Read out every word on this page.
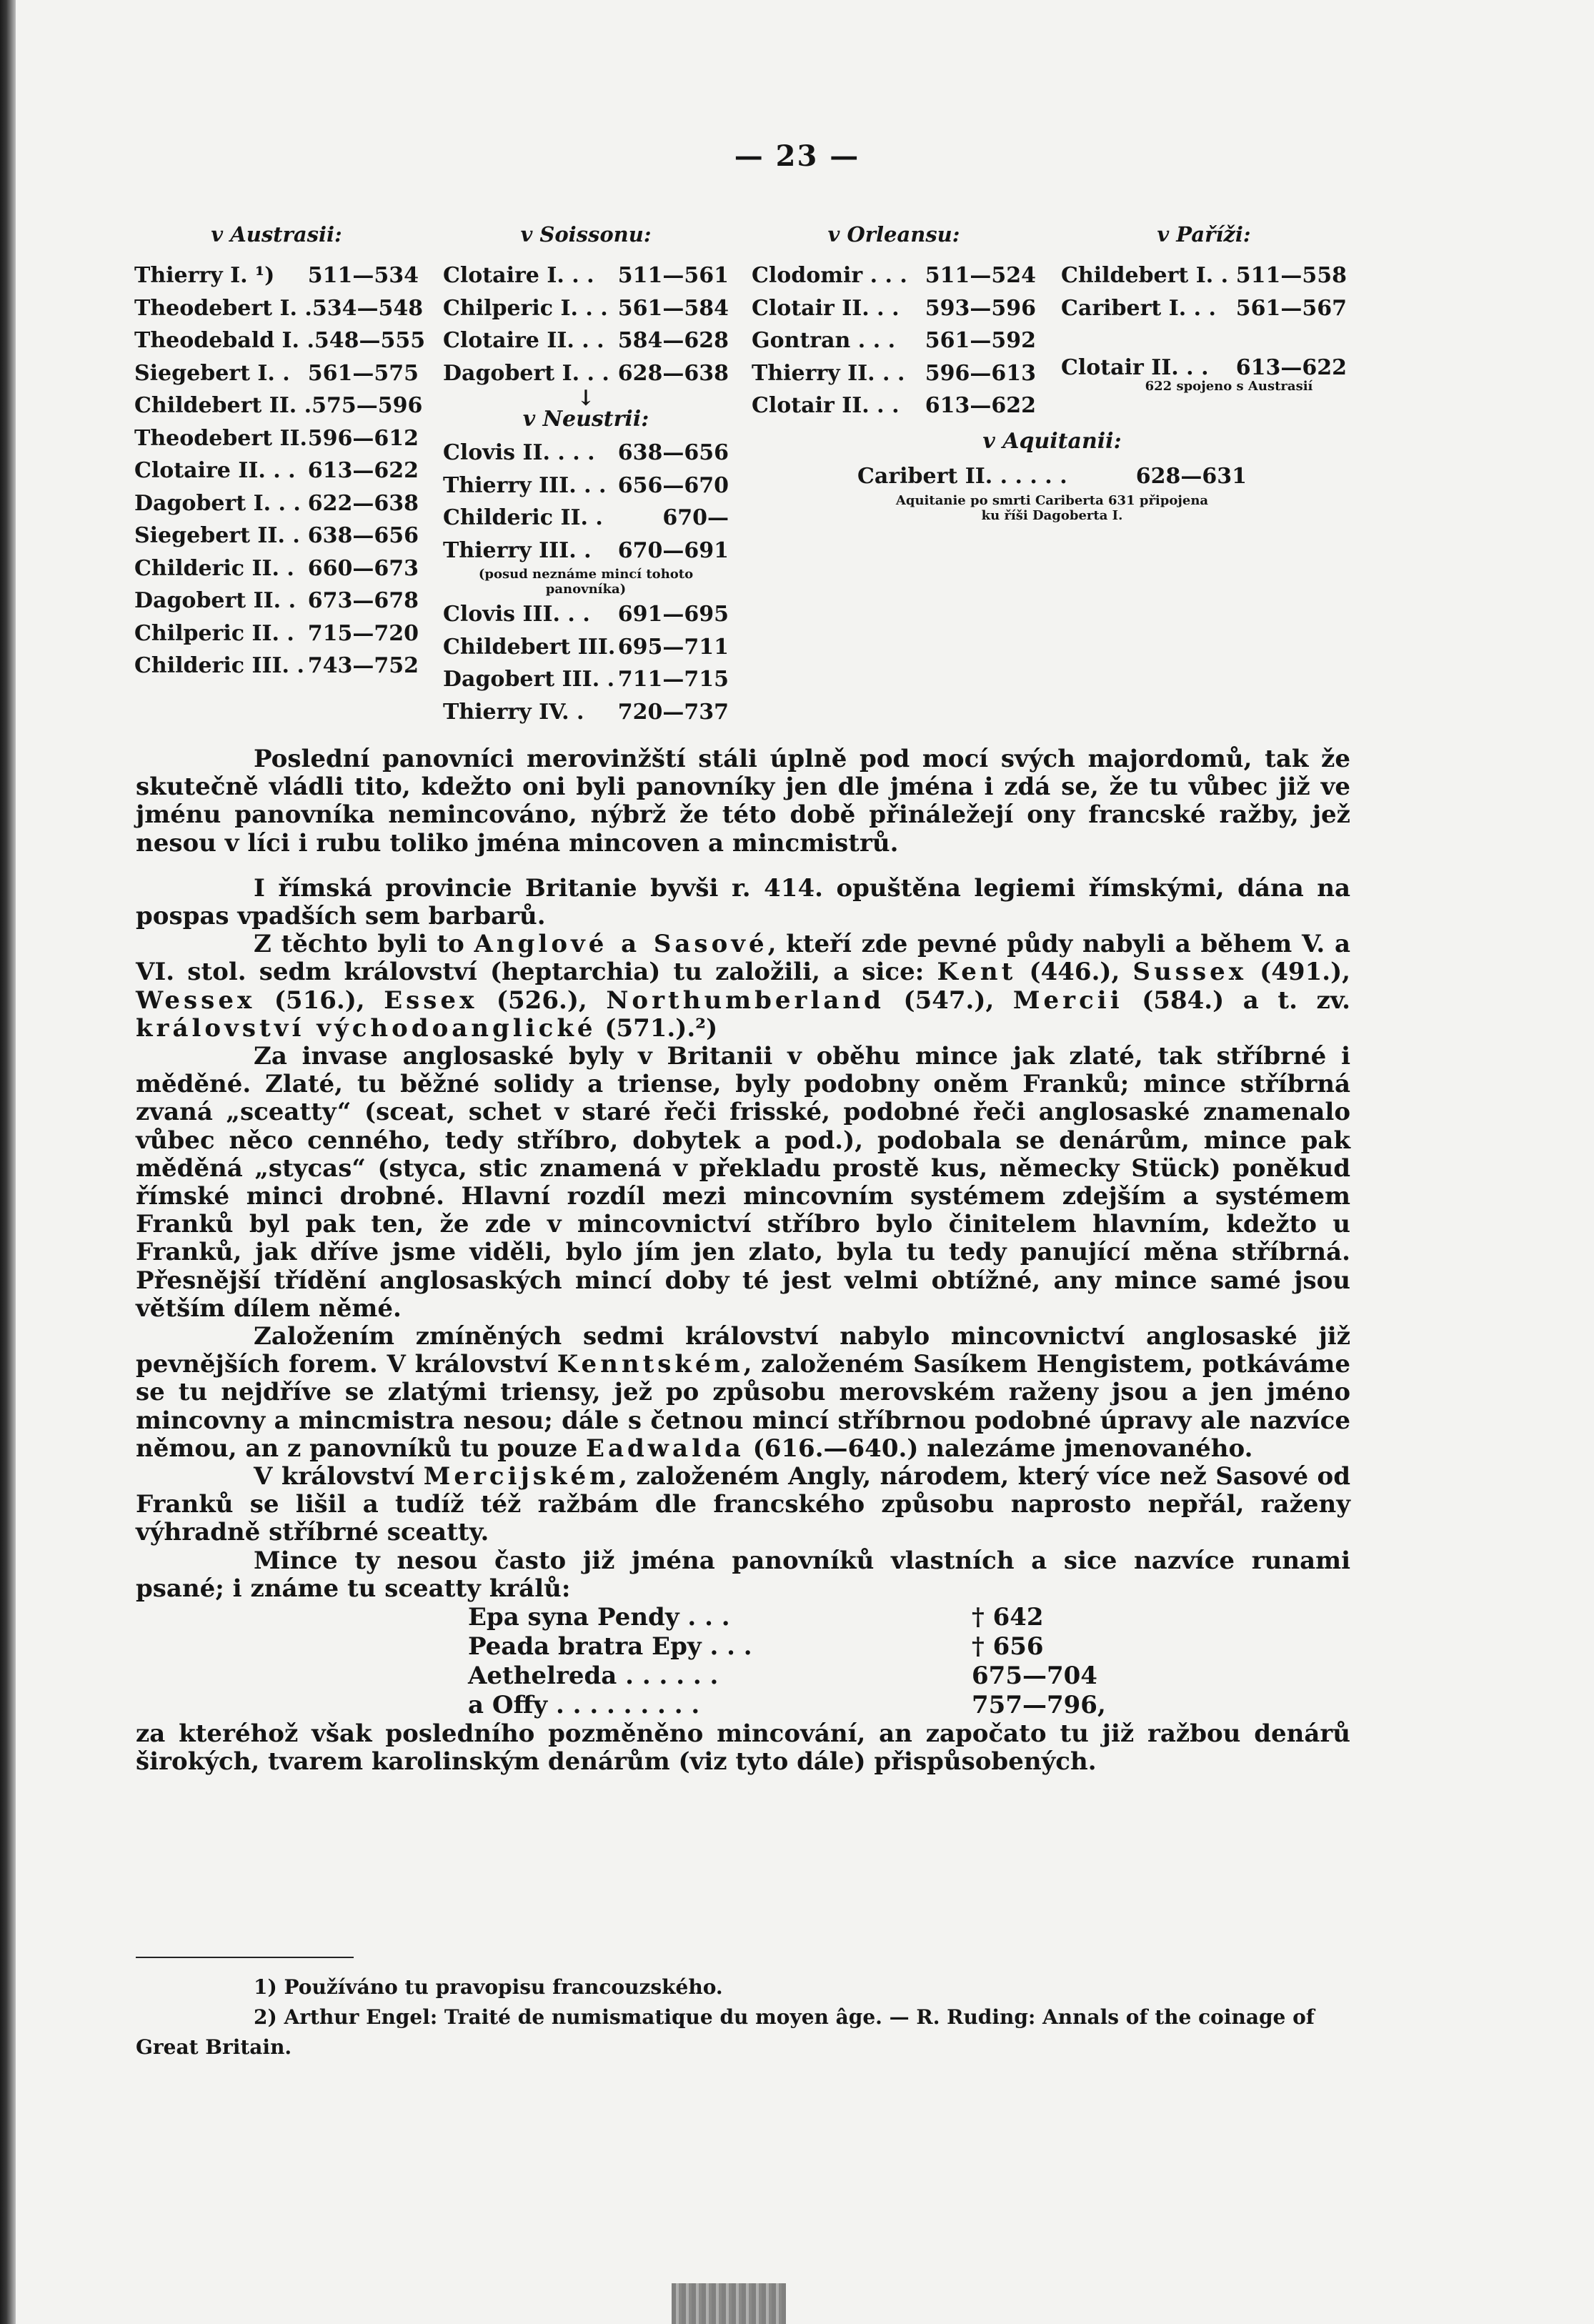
— 23 —
v Austrasii:
Thierry I. ¹) 511—534
Theodebert I. . 534—548
Theodebald I. . 548—555
Siegebert I. . 561—575
Childebert II. . 575—596
Theodebert II. 596—612
Clotaire II. . . 613—622
Dagobert I. . . 622—638
Siegebert II. . 638—656
Childeric II. . 660—673
Dagobert II. . 673—678
Chilperic II. . 715—720
Childeric III. . 743—752
v Soissonu:
Clotaire I. . . 511—561
Chilperic I. . . 561—584
Clotaire II. . . 584—628
Dagobert I. . . 628—638
↓
v Neustrii:
Clovis II. . . . 638—656
Thierry III. . . 656—670
Childeric II. .	670—
Thierry III. . 670—691
(posud neznáme mincí tohoto panovníka)
Clovis III. . . 691—695
Childebert III. 695—711
Dagobert III. . 711—715
Thierry IV. . 720—737
v Orleansu:
Clodomir . . . 511—524
Clotair II. . . 593—596
Gontran . . . 561—592
Thierry II. . . 596—613
Clotair II. . . 613—622
v Paříži:
Childebert I. . 511—558
Caribert I. . . 561—567
Clotair II. . . 613—622
622 spojeno s Austrasií
v Aquitanii:
Caribert II. . . . . .	628—631
Aquitanie po smrti Cariberta 631 připojena ku říši Dagoberta I.

Poslední panovníci merovinžští stáli úplně pod mocí svých majordomů, tak že skutečně vládli tito, kdežto oni byli panovníky jen dle jména i zdá se, že tu vůbec již ve jménu panovníka nemincováno, nýbrž že této době přináležejí ony francské ražby, jež nesou v líci i rubu toliko jména mincoven a mincmistrů.

I římská provincie Britanie byvši r. 414. opuštěna legiemi římskými, dána na pospas vpadších sem barbarů.

Z těchto byli to Anglové a Sasové, kteří zde pevné půdy nabyli a během V. a VI. stol. sedm království (heptarchia) tu založili, a sice: Kent (446.), Sussex (491.), Wessex (516.), Essex (526.), Northumberland (547.), Mercii (584.) a t. zv. království východoanglické (571.).²)

Za invase anglosaské byly v Britanii v oběhu mince jak zlaté, tak stříbrné i měděné. Zlaté, tu běžné solidy a triense, byly podobny oněm Franků; mince stříbrná zvaná „sceatty“ (sceat, schet v staré řeči frisské, podobné řeči anglosaské znamenalo vůbec něco cenného, tedy stříbro, dobytek a pod.), podobala se denárům, mince pak měděná „stycas“ (styca, stic znamená v překladu prostě kus, německy Stück) poněkud římské minci drobné. Hlavní rozdíl mezi mincovním systémem zdejším a systémem Franků byl pak ten, že zde v mincovnictví stříbro bylo činitelem hlavním, kdežto u Franků, jak dříve jsme viděli, bylo jím jen zlato, byla tu tedy panující měna stříbrná. Přesnější třídění anglosaských mincí doby té jest velmi obtížné, any mince samé jsou větším dílem němé.

Založením zmíněných sedmi království nabylo mincovnictví anglosaské již pevnějších forem. V království Kenntském, založeném Sasíkem Hengistem, potkáváme se tu nejdříve se zlatými triensy, jež po způsobu merovském raženy jsou a jen jméno mincovny a mincmistra nesou; dále s četnou mincí stříbrnou podobné úpravy ale nazvíce němou, an z panovníků tu pouze Eadwalda (616.—640.) nalezáme jmenovaného.

V království Mercijském, založeném Angly, národem, který více než Sasové od Franků se lišil a tudíž též ražbám dle francského způsobu naprosto nepřál, raženy výhradně stříbrné sceatty.

Mince ty nesou často již jména panovníků vlastních a sice nazvíce runami psané; i známe tu sceatty králů:

Epa syna Pendy . . .	† 642
Peada bratra Epy . . .	† 656
Aethelreda . . . . . .	675—704
a Offy . . . . . . . . .	757—796,

za kteréhož však posledního pozměněno mincování, an započato tu již ražbou denárů širokých, tvarem karolinským denárům (viz tyto dále) přispůsobených.

1) Používáno tu pravopisu francouzského.

2) Arthur Engel: Traité de numismatique du moyen âge. — R. Ruding: Annals of the coinage of Great Britain.
